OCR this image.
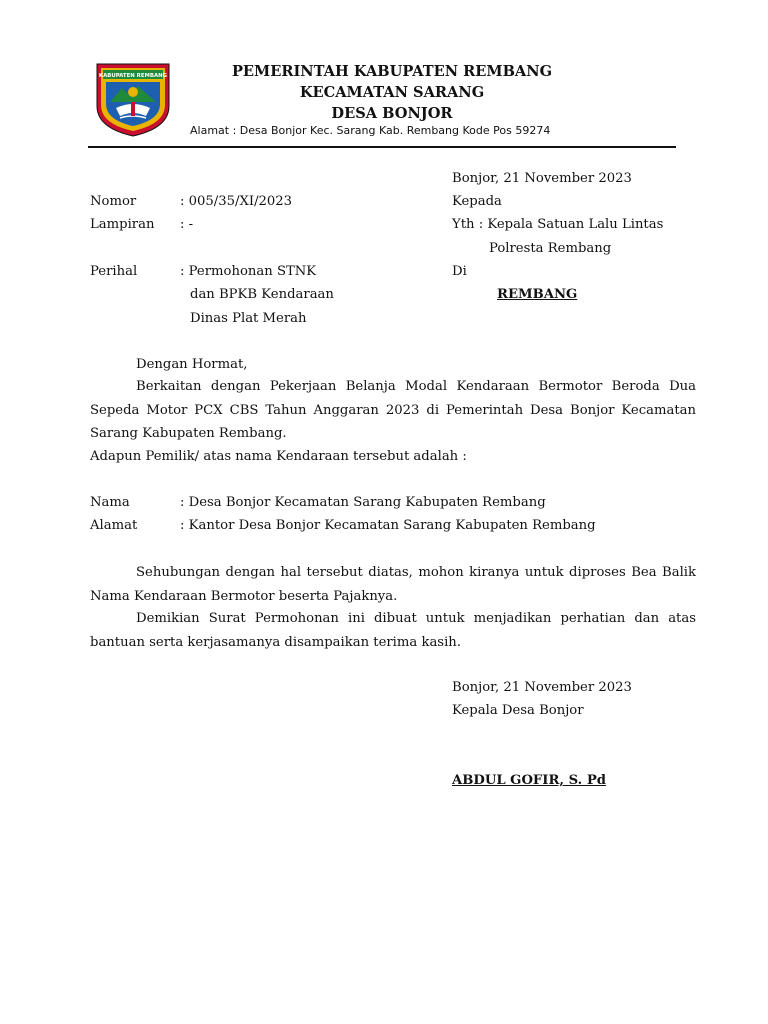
KABUPATEN REMBANG	PEMERINTAH KABUPATEN REMBANG
KECAMATAN SARANG
DESA BONJOR
Alamat : Desa Bonjor Kec. Sarang Kab. Rembang Kode Pos 59274
Bonjor, 21 November 2023
Kepada
Yth : Kepala Satuan Lalu Lintas
Polresta Rembang
Di
REMBANG
Nomor	: 005/35/XI/2023
Lampiran : -
Perihal	: Permohonan STNK
dan BPKB Kendaraan
Dinas Plat Merah
Dengan Hormat,
Berkaitan dengan Pekerjaan Belanja Modal Kendaraan Bermotor Beroda Dua Sepeda Motor PCX CBS Tahun Anggaran 2023 di Pemerintah Desa Bonjor Kecamatan Sarang Kabupaten Rembang.
Adapun Pemilik/ atas nama Kendaraan tersebut adalah :
Nama	: Desa Bonjor Kecamatan Sarang Kabupaten Rembang
Alamat	: Kantor Desa Bonjor Kecamatan Sarang Kabupaten Rembang
Sehubungan dengan hal tersebut diatas, mohon kiranya untuk diproses Bea Balik Nama Kendaraan Bermotor beserta Pajaknya.
Demikian Surat Permohonan ini dibuat untuk menjadikan perhatian dan atas bantuan serta kerjasamanya disampaikan terima kasih.
Bonjor, 21 November 2023
Kepala Desa Bonjor
ABDUL GOFIR, S. Pd
